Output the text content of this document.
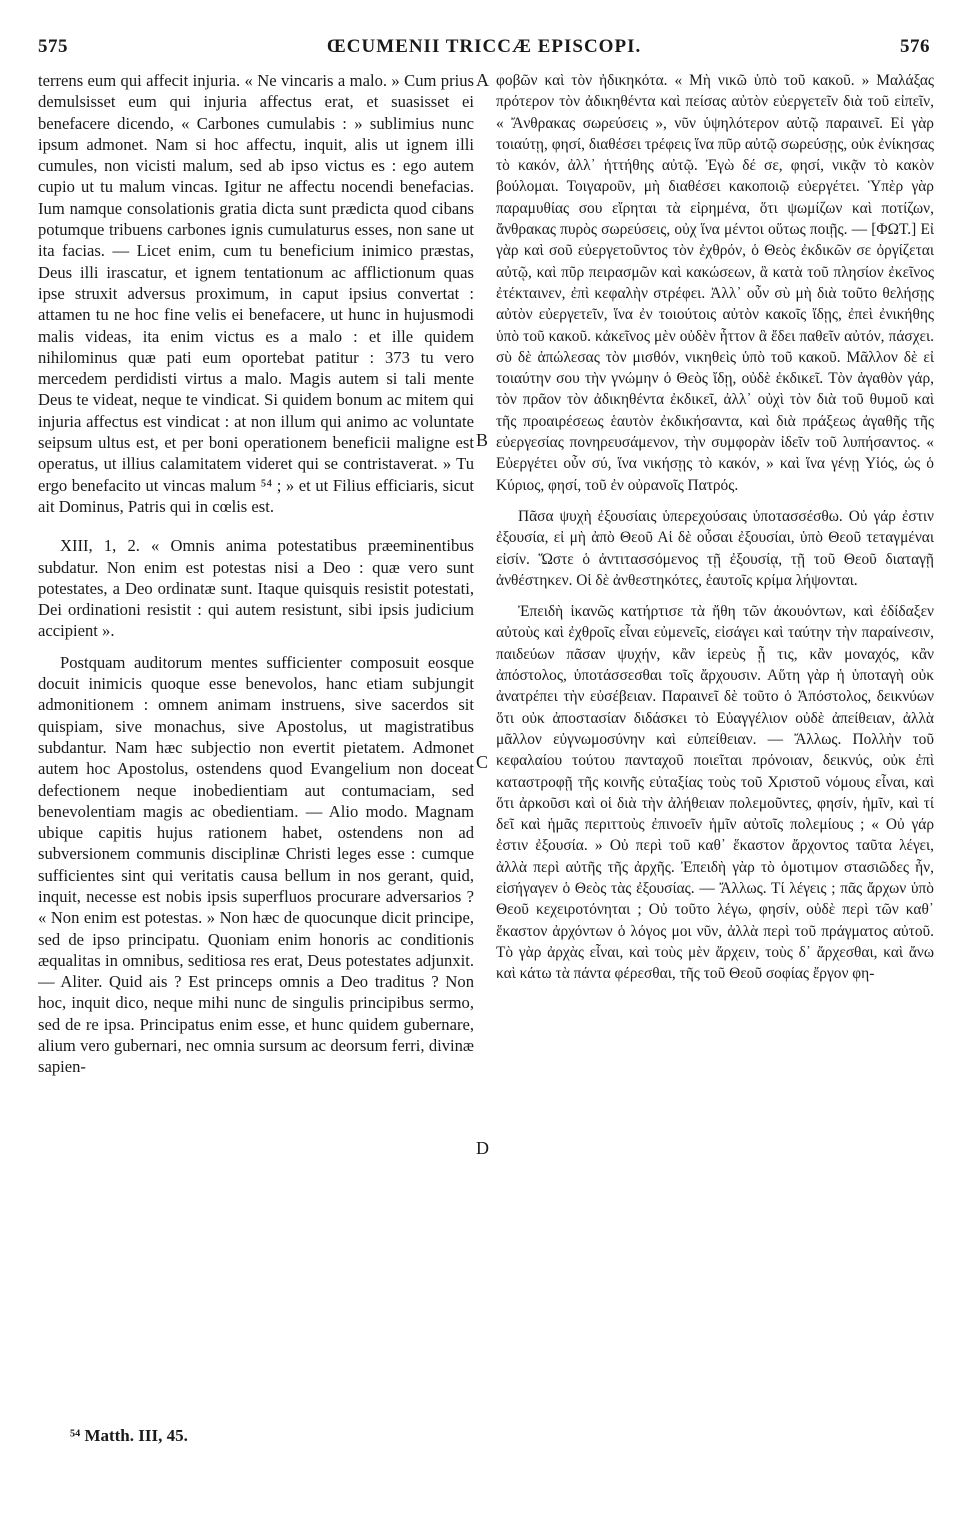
575	ŒCUMENII TRICCÆ EPISCOPI.	576

terrens eum qui affecit injuria. « Ne vincaris a malo. » Cum prius demulsisset eum qui injuria affectus erat, et suasisset ei benefacere dicendo, « Carbones cumulabis : » sublimius nunc ipsum admonet. Nam si hoc affectu, inquit, alis ut ignem illi cumules, non vicisti malum, sed ab ipso victus es : ego autem cupio ut tu malum vincas. Igitur ne affectu nocendi benefacias. Ium namque consolationis gratia dicta sunt prædicta quod cibans potumque tribuens carbones ignis cumulaturus esses, non sane ut ita facias. — Licet enim, cum tu beneficium inimico præstas, Deus illi irascatur, et ignem tentationum ac afflictionum quas ipse struxit adversus proximum, in caput ipsius convertat : attamen tu ne hoc fine velis ei benefacere, ut hunc in hujusmodi malis videas, ita enim victus es a malo : et ille quidem nihilominus quæ pati eum oportebat patitur : 373 tu vero mercedem perdidisti virtus a malo. Magis autem si tali mente Deus te videat, neque te vindicat. Si quidem bonum ac mitem qui injuria affectus est vindicat : at non illum qui animo ac voluntate seipsum ultus est, et per boni operationem beneficii maligne est operatus, ut illius calamitatem videret qui se contristaverat. » Tu ergo benefacito ut vincas malum ⁵⁴ ; » et ut Filius efficiaris, sicut ait Dominus, Patris qui in cœlis est.

XIII, 1, 2. « Omnis anima potestatibus præeminentibus subdatur. Non enim est potestas nisi a Deo : quæ vero sunt potestates, a Deo ordinatæ sunt. Itaque quisquis resistit potestati, Dei ordinationi resistit : qui autem resistunt, sibi ipsis judicium accipient ».

Postquam auditorum mentes sufficienter composuit eosque docuit inimicis quoque esse benevolos, hanc etiam subjungit admonitionem : omnem animam instruens, sive sacerdos sit quispiam, sive monachus, sive Apostolus, ut magistratibus subdantur. Nam hæc subjectio non evertit pietatem. Admonet autem hoc Apostolus, ostendens quod Evangelium non doceat defectionem neque inobedientiam aut contumaciam, sed benevolentiam magis ac obedientiam. — Alio modo. Magnam ubique capitis hujus rationem habet, ostendens non ad subversionem communis disciplinæ Christi leges esse : cumque sufficientes sint qui veritatis causa bellum in nos gerant, quid, inquit, necesse est nobis ipsis superfluos procurare adversarios ? « Non enim est potestas. » Non hæc de quocunque dicit principe, sed de ipso principatu. Quoniam enim honoris ac conditionis æqualitas in omnibus, seditiosa res erat, Deus potestates adjunxit. — Aliter. Quid ais ? Est princeps omnis a Deo traditus ? Non hoc, inquit dico, neque mihi nunc de singulis principibus sermo, sed de re ipsa. Principatus enim esse, et hunc quidem gubernare, alium vero gubernari, nec omnia sursum ac deorsum ferri, divinæ sapien-

A
B
C
D

φοβῶν καὶ τὸν ἠδικηκότα. « Μὴ νικῶ ὑπὸ τοῦ κακοῦ. » Μαλάξας πρότερον τὸν ἀδικηθέντα καὶ πείσας αὐτὸν εὐεργετεῖν διὰ τοῦ εἰπεῖν, « Ἄνθρακας σωρεύσεις », νῦν ὑψηλότερον αὐτῷ παραινεῖ. Εἰ γὰρ τοιαύτῃ, φησί, διαθέσει τρέφεις ἵνα πῦρ αὐτῷ σωρεύσῃς, οὐκ ἐνίκησας τὸ κακόν, ἀλλ᾽ ἡττήθης αὐτῷ. Ἐγὼ δέ σε, φησί, νικᾷν τὸ κακὸν βούλομαι. Τοιγαροῦν, μὴ διαθέσει κακοποιῷ εὐεργέτει. Ὑπὲρ γὰρ παραμυθίας σου εἴρηται τὰ εἰρημένα, ὅτι ψωμίζων καὶ ποτίζων, ἄνθρακας πυρὸς σωρεύσεις, οὐχ ἵνα μέντοι οὕτως ποιῇς. — [ΦΩΤ.] Εἰ γὰρ καὶ σοῦ εὐεργετοῦντος τὸν ἐχθρόν, ὁ Θεὸς ἐκδικῶν σε ὀργίζεται αὐτῷ, καὶ πῦρ πειρασμῶν καὶ κακώσεων, ἃ κατὰ τοῦ πλησίον ἐκεῖνος ἐτέκταινεν, ἐπὶ κεφαλὴν στρέφει. Ἀλλ᾽ οὖν σὺ μὴ διὰ τοῦτο θελήσῃς αὐτὸν εὐεργετεῖν, ἵνα ἐν τοιούτοις αὐτὸν κακοῖς ἴδῃς, ἐπεὶ ἐνικήθης ὑπὸ τοῦ κακοῦ. κἀκεῖνος μὲν οὐδὲν ἧττον ἃ ἔδει παθεῖν αὐτόν, πάσχει. σὺ δὲ ἀπώλεσας τὸν μισθόν, νικηθεὶς ὑπὸ τοῦ κακοῦ. Μᾶλλον δὲ εἰ τοιαύτην σου τὴν γνώμην ὁ Θεὸς ἴδῃ, οὐδὲ ἐκδικεῖ. Τὸν ἀγαθὸν γάρ, τὸν πρᾶον τὸν ἀδικηθέντα ἐκδικεῖ, ἀλλ᾽ οὐχὶ τὸν διὰ τοῦ θυμοῦ καὶ τῆς προαιρέσεως ἑαυτὸν ἐκδικήσαντα, καὶ διὰ πράξεως ἀγαθῆς τῆς εὐεργεσίας πονηρευσάμενον, τὴν συμφορὰν ἰδεῖν τοῦ λυπήσαντος. « Εὐεργέτει οὖν σύ, ἵνα νικήσῃς τὸ κακόν, » καὶ ἵνα γένῃ Υἱός, ὡς ὁ Κύριος, φησί, τοῦ ἐν οὐρανοῖς Πατρός.

Πᾶσα ψυχὴ ἐξουσίαις ὑπερεχούσαις ὑποτασσέσθω. Οὐ γάρ ἐστιν ἐξουσία, εἰ μὴ ἀπὸ Θεοῦ Αἱ δὲ οὖσαι ἐξουσίαι, ὑπὸ Θεοῦ τεταγμέναι εἰσίν. Ὥστε ὁ ἀντιτασσόμενος τῇ ἐξουσίᾳ, τῇ τοῦ Θεοῦ διαταγῇ ἀνθέστηκεν. Οἱ δὲ ἀνθεστηκότες, ἑαυτοῖς κρίμα λήψονται.

Ἐπειδὴ ἱκανῶς κατήρτισε τὰ ἤθη τῶν ἀκουόντων, καὶ ἐδίδαξεν αὐτοὺς καὶ ἐχθροῖς εἶναι εὐμενεῖς, εἰσάγει καὶ ταύτην τὴν παραίνεσιν, παιδεύων πᾶσαν ψυχήν, κἂν ἱερεὺς ᾖ τις, κἂν μοναχός, κἂν ἀπόστολος, ὑποτάσσεσθαι τοῖς ἄρχουσιν. Αὕτη γὰρ ἡ ὑποταγὴ οὐκ ἀνατρέπει τὴν εὐσέβειαν. Παραινεῖ δὲ τοῦτο ὁ Ἀπόστολος, δεικνύων ὅτι οὐκ ἀποστασίαν διδάσκει τὸ Εὐαγγέλιον οὐδὲ ἀπείθειαν, ἀλλὰ μᾶλλον εὐγνωμοσύνην καὶ εὐπείθειαν. — Ἄλλως. Πολλὴν τοῦ κεφαλαίου τούτου πανταχοῦ ποιεῖται πρόνοιαν, δεικνύς, οὐκ ἐπὶ καταστροφῇ τῆς κοινῆς εὐταξίας τοὺς τοῦ Χριστοῦ νόμους εἶναι, καὶ ὅτι ἀρκοῦσι καὶ οἱ διὰ τὴν ἀλήθειαν πολεμοῦντες, φησίν, ἡμῖν, καὶ τί δεῖ καὶ ἡμᾶς περιττοὺς ἐπινοεῖν ἡμῖν αὐτοῖς πολεμίους ; « Οὐ γάρ ἐστιν ἐξουσία. » Οὐ περὶ τοῦ καθ᾽ ἕκαστον ἄρχοντος ταῦτα λέγει, ἀλλὰ περὶ αὐτῆς τῆς ἀρχῆς. Ἐπειδὴ γὰρ τὸ ὁμοτιμον στασιῶδες ἦν, εἰσήγαγεν ὁ Θεὸς τὰς ἐξουσίας. — Ἄλλως. Τί λέγεις ; πᾶς ἄρχων ὑπὸ Θεοῦ κεχειροτόνηται ; Οὐ τοῦτο λέγω, φησίν, οὐδὲ περὶ τῶν καθ᾽ ἕκαστον ἀρχόντων ὁ λόγος μοι νῦν, ἀλλὰ περὶ τοῦ πράγματος αὐτοῦ. Τὸ γὰρ ἀρχὰς εἶναι, καὶ τοὺς μὲν ἄρχειν, τοὺς δ᾽ ἄρχεσθαι, καὶ ἄνω καὶ κάτω τὰ πάντα φέρεσθαι, τῆς τοῦ Θεοῦ σοφίας ἔργον φη-

⁵⁴ Matth. III, 45.
